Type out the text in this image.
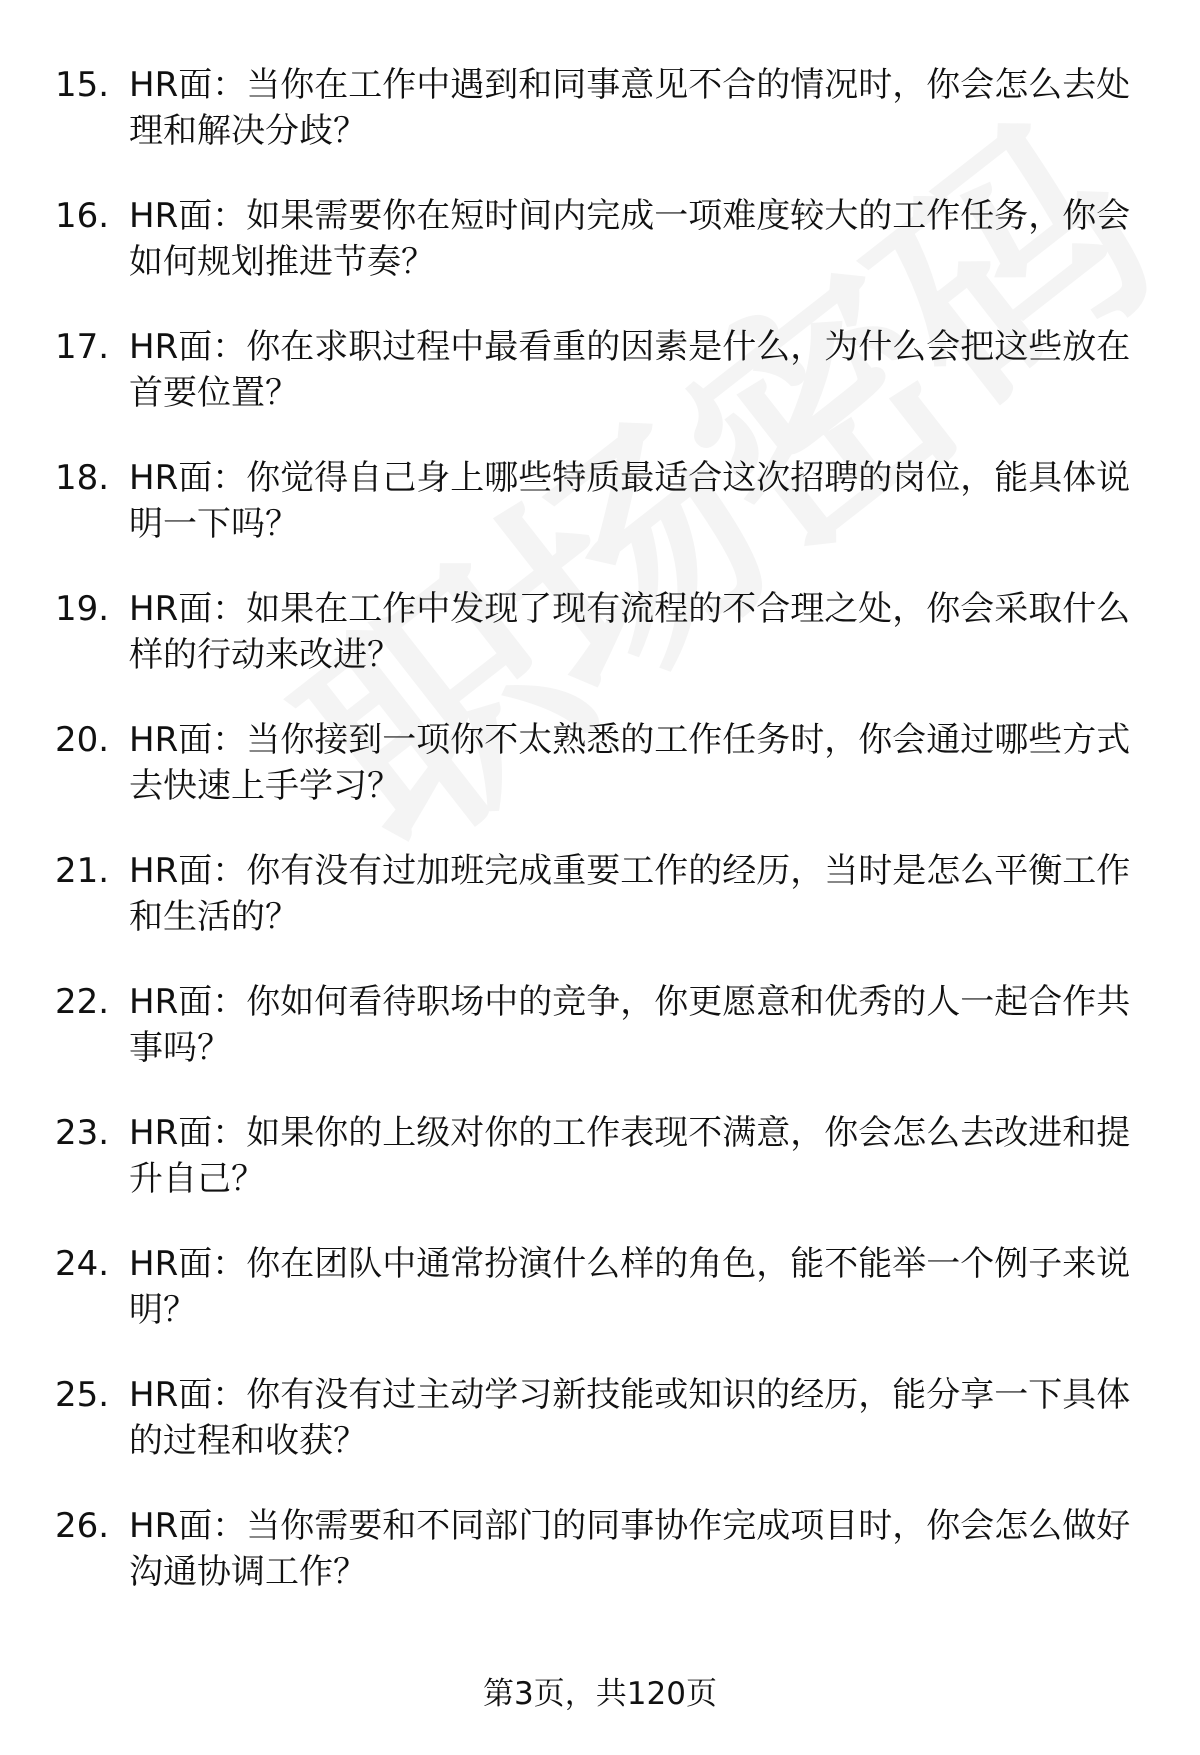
15. HR面：当你在工作中遇到和同事意见不合的情况时，你会怎么去处理和解决分歧？
16. HR面：如果需要你在短时间内完成一项难度较大的工作任务，你会如何规划推进节奏？
17. HR面：你在求职过程中最看重的因素是什么，为什么会把这些放在首要位置？
18. HR面：你觉得自己身上哪些特质最适合这次招聘的岗位，能具体说明一下吗？
19. HR面：如果在工作中发现了现有流程的不合理之处，你会采取什么样的行动来改进？
20. HR面：当你接到一项你不太熟悉的工作任务时，你会通过哪些方式去快速上手学习？
21. HR面：你有没有过加班完成重要工作的经历，当时是怎么平衡工作和生活的？
22. HR面：你如何看待职场中的竞争，你更愿意和优秀的人一起合作共事吗？
23. HR面：如果你的上级对你的工作表现不满意，你会怎么去改进和提升自己？
24. HR面：你在团队中通常扮演什么样的角色，能不能举一个例子来说明？
25. HR面：你有没有过主动学习新技能或知识的经历，能分享一下具体的过程和收获？
26. HR面：当你需要和不同部门的同事协作完成项目时，你会怎么做好沟通协调工作？
第3页，共120页
